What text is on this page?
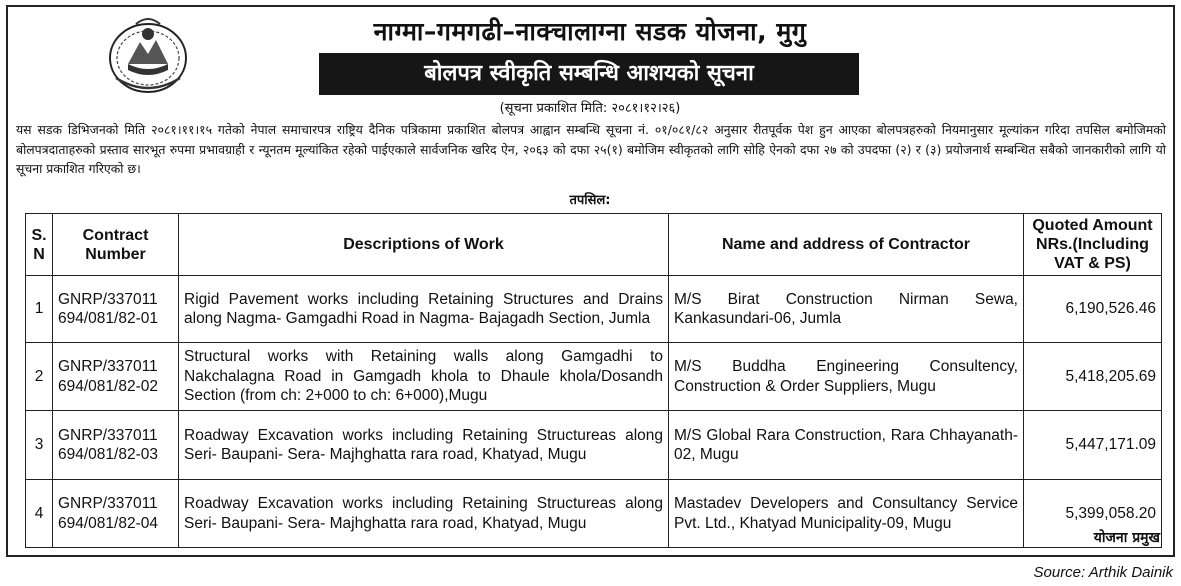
नाग्मा–गमगढी–नाक्चालाग्ना सडक योजना, मुगु
बोलपत्र स्वीकृति सम्बन्धि आशयको सूचना
(सूचना प्रकाशित मिति: २०८१।१२।२६)

यस सडक डिभिजनको मिति २०८१।११।१५ गतेको नेपाल समाचारपत्र राष्ट्रिय दैनिक पत्रिकामा प्रकाशित बोलपत्र आह्वान सम्बन्धि सूचना नं. ०१/०८१/८२ अनुसार रीतपूर्वक पेश हुन आएका बोलपत्रहरुको नियमानुसार मूल्यांकन गरिदा तपसिल बमोजिमको बोलपत्रदाताहरुको प्रस्ताव सारभूत रुपमा प्रभावग्राही र न्यूनतम मूल्यांकित रहेको पाईएकाले सार्वजनिक खरिद ऐन, २०६३ को दफा २५(१) बमोजिम स्वीकृतको लागि सोहि ऐनको दफा २७ को उपदफा (२) र (३) प्रयोजनार्थ सम्बन्धित सबैको जानकारीको लागि यो सूचना प्रकाशित गरिएको छ।

तपसिल:
S. N	Contract Number	Descriptions of Work	Name and address of Contractor	Quoted Amount NRs.(Including VAT & PS)
1	GNRP/337011 694/081/82-01	Rigid Pavement works including Retaining Structures and Drains along Nagma- Gamgadhi Road in Nagma- Bajagadh Section, Jumla	M/S Birat Construction Nirman Sewa, Kankasundari-06, Jumla	6,190,526.46
2	GNRP/337011 694/081/82-02	Structural works with Retaining walls along Gamgadhi to Nakchalagna Road in Gamgadh khola to Dhaule khola/Dosandh Section (from ch: 2+000 to ch: 6+000),Mugu	M/S Buddha Engineering Consultency, Construction & Order Suppliers, Mugu	5,418,205.69
3	GNRP/337011 694/081/82-03	Roadway Excavation works including Retaining Structureas along Seri- Baupani- Sera- Majhghatta rara road, Khatyad, Mugu	M/S Global Rara Construction, Rara Chhayanath-02, Mugu	5,447,171.09
4	GNRP/337011 694/081/82-04	Roadway Excavation works including Retaining Structureas along Seri- Baupani- Sera- Majhghatta rara road, Khatyad, Mugu	Mastadev Developers and Consultancy Service Pvt. Ltd., Khatyad Municipality-09, Mugu	5,399,058.20
योजना प्रमुख
Source: Arthik Dainik
